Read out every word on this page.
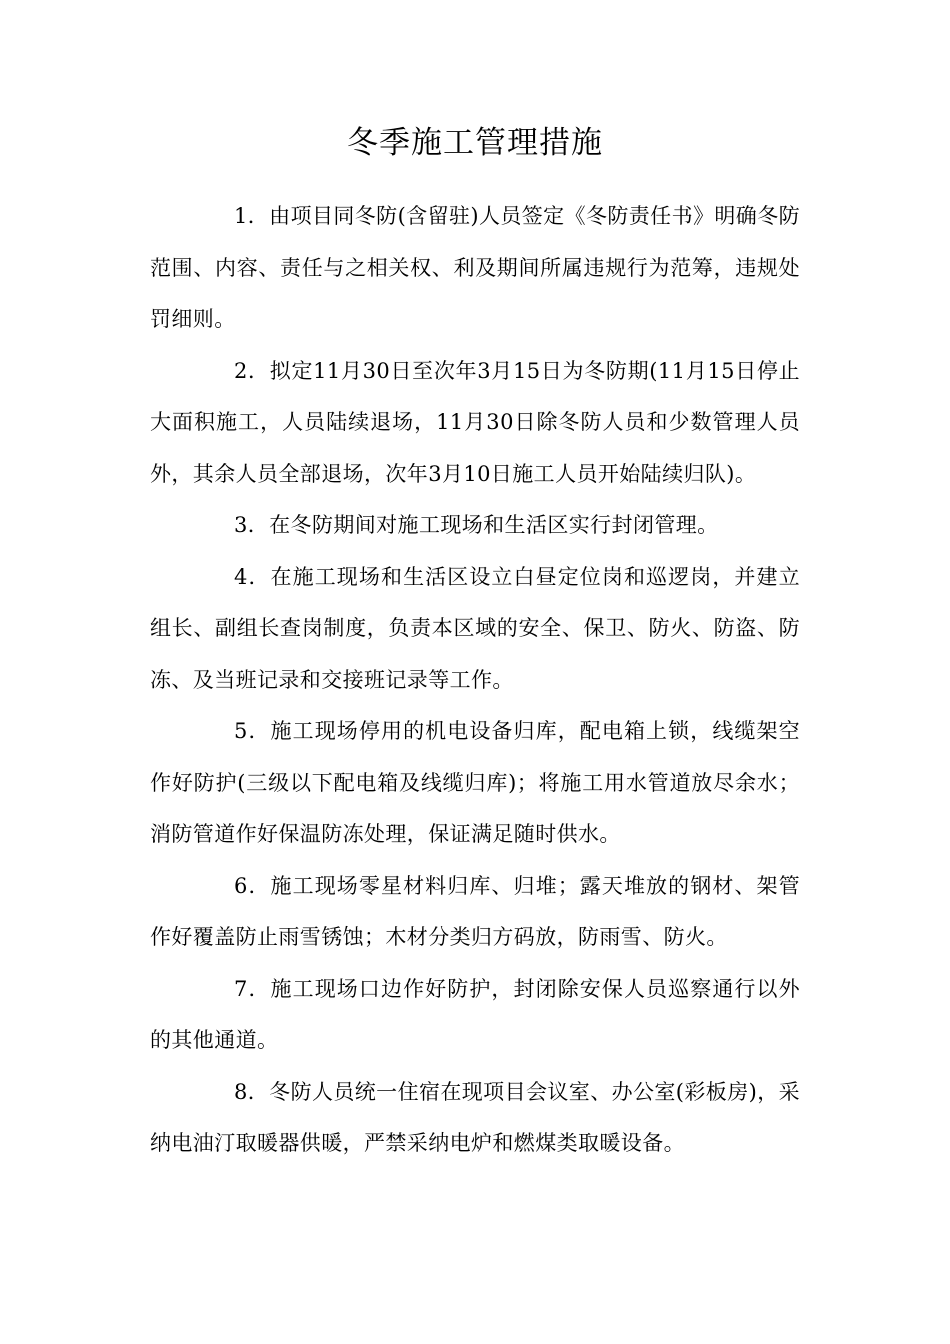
冬季施工管理措施

1．由项目同冬防(含留驻)人员签定《冬防责任书》明确冬防范围、内容、责任与之相关权、利及期间所属违规行为范筹，违规处罚细则。

2．拟定11月30日至次年3月15日为冬防期(11月15日停止大面积施工，人员陆续退场，11月30日除冬防人员和少数管理人员外，其余人员全部退场，次年3月10日施工人员开始陆续归队)。

3．在冬防期间对施工现场和生活区实行封闭管理。

4．在施工现场和生活区设立白昼定位岗和巡逻岗，并建立组长、副组长查岗制度，负责本区域的安全、保卫、防火、防盗、防冻、及当班记录和交接班记录等工作。

5．施工现场停用的机电设备归库，配电箱上锁，线缆架空作好防护(三级以下配电箱及线缆归库)；将施工用水管道放尽余水；消防管道作好保温防冻处理，保证满足随时供水。

6．施工现场零星材料归库、归堆；露天堆放的钢材、架管作好覆盖防止雨雪锈蚀；木材分类归方码放，防雨雪、防火。

7．施工现场口边作好防护，封闭除安保人员巡察通行以外的其他通道。

8．冬防人员统一住宿在现项目会议室、办公室(彩板房)，采纳电油汀取暖器供暖，严禁采纳电炉和燃煤类取暖设备。
